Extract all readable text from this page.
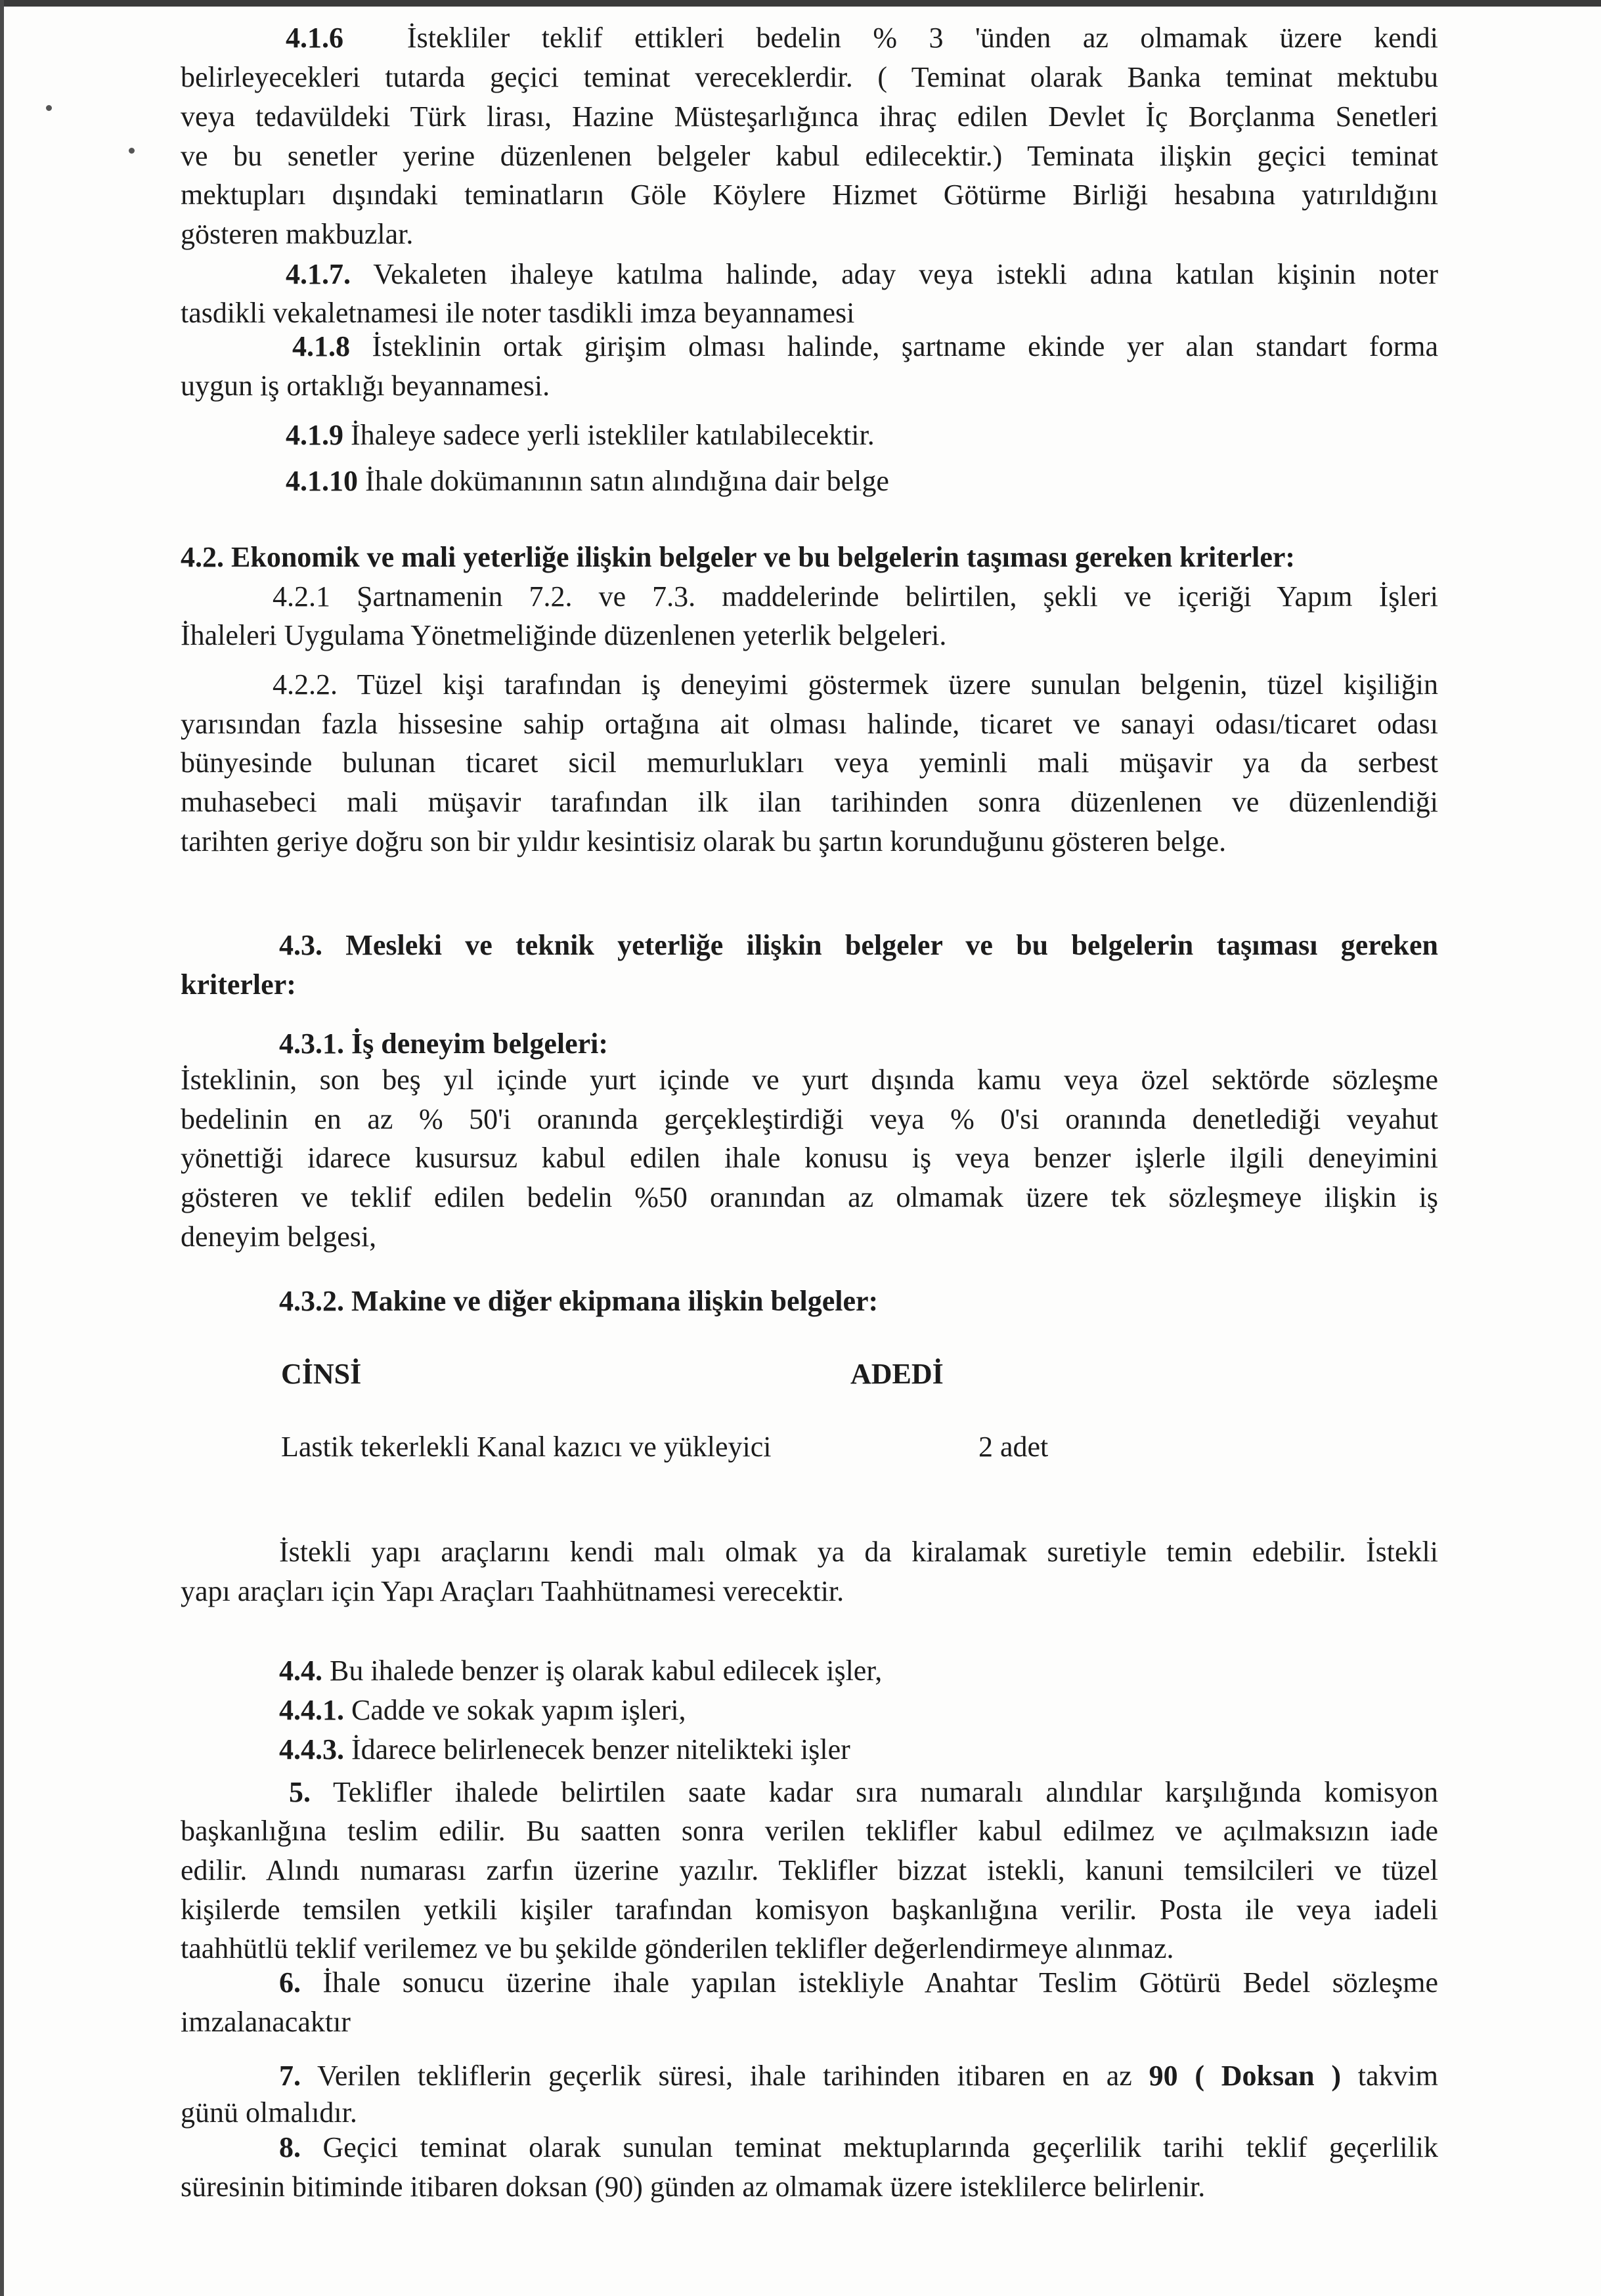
4.1.6 İstekliler teklif ettikleri bedelin % 3 'ünden az olmamak üzere kendi

belirleyecekleri tutarda geçici teminat vereceklerdir. ( Teminat olarak Banka teminat mektubu

veya tedavüldeki Türk lirası, Hazine Müsteşarlığınca ihraç edilen Devlet İç Borçlanma Senetleri

ve bu senetler yerine düzenlenen belgeler kabul edilecektir.) Teminata ilişkin geçici teminat

mektupları dışındaki teminatların Göle Köylere Hizmet Götürme Birliği hesabına yatırıldığını

gösteren makbuzlar.

4.1.7. Vekaleten ihaleye katılma halinde, aday veya istekli adına katılan kişinin noter

tasdikli vekaletnamesi ile noter tasdikli imza beyannamesi

4.1.8 İsteklinin ortak girişim olması halinde, şartname ekinde yer alan standart forma

uygun iş ortaklığı beyannamesi.

4.1.9 İhaleye sadece yerli istekliler katılabilecektir.

4.1.10 İhale dokümanının satın alındığına dair belge

4.2. Ekonomik ve mali yeterliğe ilişkin belgeler ve bu belgelerin taşıması gereken kriterler:

4.2.1 Şartnamenin 7.2. ve 7.3. maddelerinde belirtilen, şekli ve içeriği Yapım İşleri

İhaleleri Uygulama Yönetmeliğinde düzenlenen yeterlik belgeleri.

4.2.2. Tüzel kişi tarafından iş deneyimi göstermek üzere sunulan belgenin, tüzel kişiliğin

yarısından fazla hissesine sahip ortağına ait olması halinde, ticaret ve sanayi odası/ticaret odası

bünyesinde bulunan ticaret sicil memurlukları veya yeminli mali müşavir ya da serbest

muhasebeci mali müşavir tarafından ilk ilan tarihinden sonra düzenlenen ve düzenlendiği

tarihten geriye doğru son bir yıldır kesintisiz olarak bu şartın korunduğunu gösteren belge.

4.3. Mesleki ve teknik yeterliğe ilişkin belgeler ve bu belgelerin taşıması gereken

kriterler:

4.3.1. İş deneyim belgeleri:

İsteklinin, son beş yıl içinde yurt içinde ve yurt dışında kamu veya özel sektörde sözleşme

bedelinin en az % 50'i oranında gerçekleştirdiği veya % 0'si oranında denetlediği veyahut

yönettiği idarece kusursuz kabul edilen ihale konusu iş veya benzer işlerle ilgili deneyimini

gösteren ve teklif edilen bedelin %50 oranından az olmamak üzere tek sözleşmeye ilişkin iş

deneyim belgesi,

4.3.2. Makine ve diğer ekipmana ilişkin belgeler:

CİNSİ	ADEDİ

Lastik tekerlekli Kanal kazıcı ve yükleyici	2 adet

İstekli yapı araçlarını kendi malı olmak ya da kiralamak suretiyle temin edebilir. İstekli

yapı araçları için Yapı Araçları Taahhütnamesi verecektir.

4.4. Bu ihalede benzer iş olarak kabul edilecek işler,

4.4.1. Cadde ve sokak yapım işleri,

4.4.3. İdarece belirlenecek benzer nitelikteki işler

5. Teklifler ihalede belirtilen saate kadar sıra numaralı alındılar karşılığında komisyon

başkanlığına teslim edilir. Bu saatten sonra verilen teklifler kabul edilmez ve açılmaksızın iade

edilir. Alındı numarası zarfın üzerine yazılır. Teklifler bizzat istekli, kanuni temsilcileri ve tüzel

kişilerde temsilen yetkili kişiler tarafından komisyon başkanlığına verilir. Posta ile veya iadeli

taahhütlü teklif verilemez ve bu şekilde gönderilen teklifler değerlendirmeye alınmaz.

6. İhale sonucu üzerine ihale yapılan istekliyle Anahtar Teslim Götürü Bedel sözleşme

imzalanacaktır

7. Verilen tekliflerin geçerlik süresi, ihale tarihinden itibaren en az 90 ( Doksan ) takvim

günü olmalıdır.

8. Geçici teminat olarak sunulan teminat mektuplarında geçerlilik tarihi teklif geçerlilik

süresinin bitiminde itibaren doksan (90) günden az olmamak üzere isteklilerce belirlenir.
